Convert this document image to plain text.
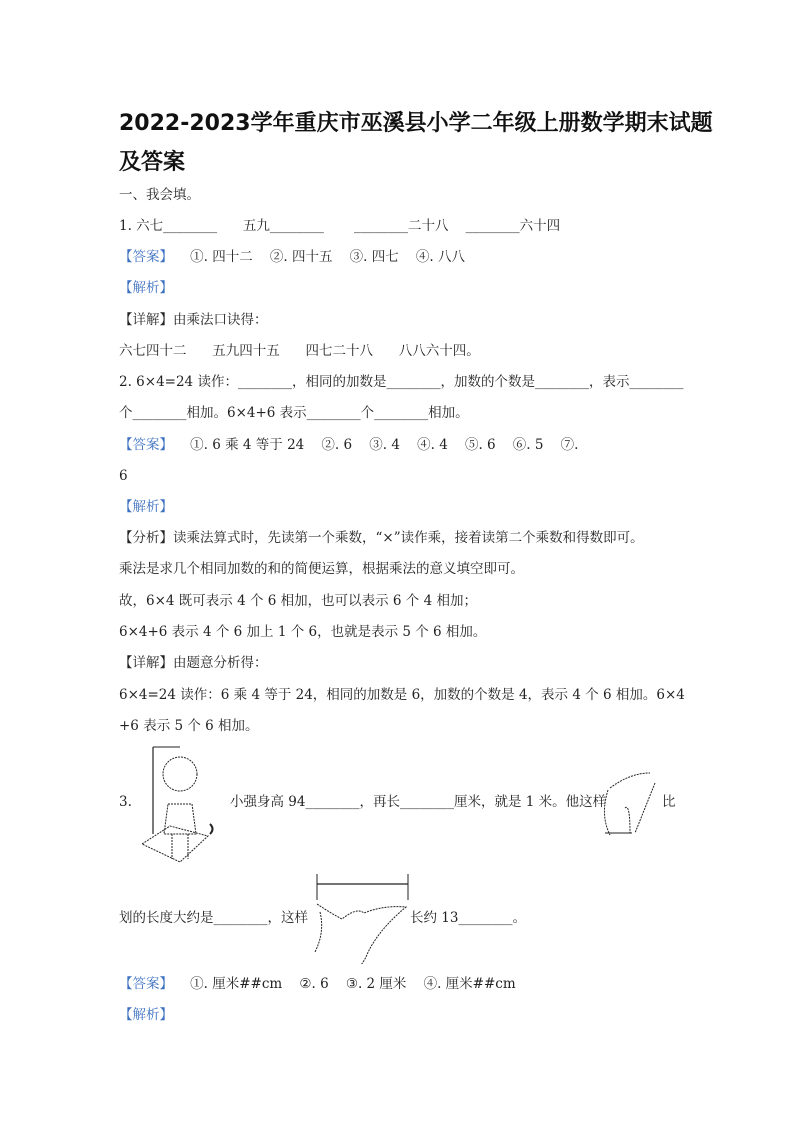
2022-2023学年重庆市巫溪县小学二年级上册数学期末试题
及答案
一、我会填。
1. 六七________      五九________       ________二十八    ________六十四
【答案】    ①. 四十二    ②. 四十五    ③. 四七    ④. 八八
【解析】
【详解】由乘法口诀得：
六七四十二      五九四十五      四七二十八      八八六十四。
2. 6×4=24 读作：________，相同的加数是________，加数的个数是________，表示________
个________相加。6×4+6 表示________个________相加。
【答案】    ①. 6 乘 4 等于 24    ②. 6    ③. 4    ④. 4    ⑤. 6    ⑥. 5    ⑦.
6
【解析】
【分析】读乘法算式时，先读第一个乘数，“×”读作乘，接着读第二个乘数和得数即可。
乘法是求几个相同加数的和的简便运算，根据乘法的意义填空即可。
故，6×4 既可表示 4 个 6 相加，也可以表示 6 个 4 相加；
6×4+6 表示 4 个 6 加上 1 个 6，也就是表示 5 个 6 相加。
【详解】由题意分析得：
6×4=24 读作：6 乘 4 等于 24，相同的加数是 6，加数的个数是 4，表示 4 个 6 相加。6×4
+6 表示 5 个 6 相加。
3.	小强身高 94________，再长________厘米，就是 1 米。他这样	比
划的长度大约是________，这样	长约 13________。
【答案】    ①. 厘米##cm    ②. 6    ③. 2 厘米    ④. 厘米##cm
【解析】
